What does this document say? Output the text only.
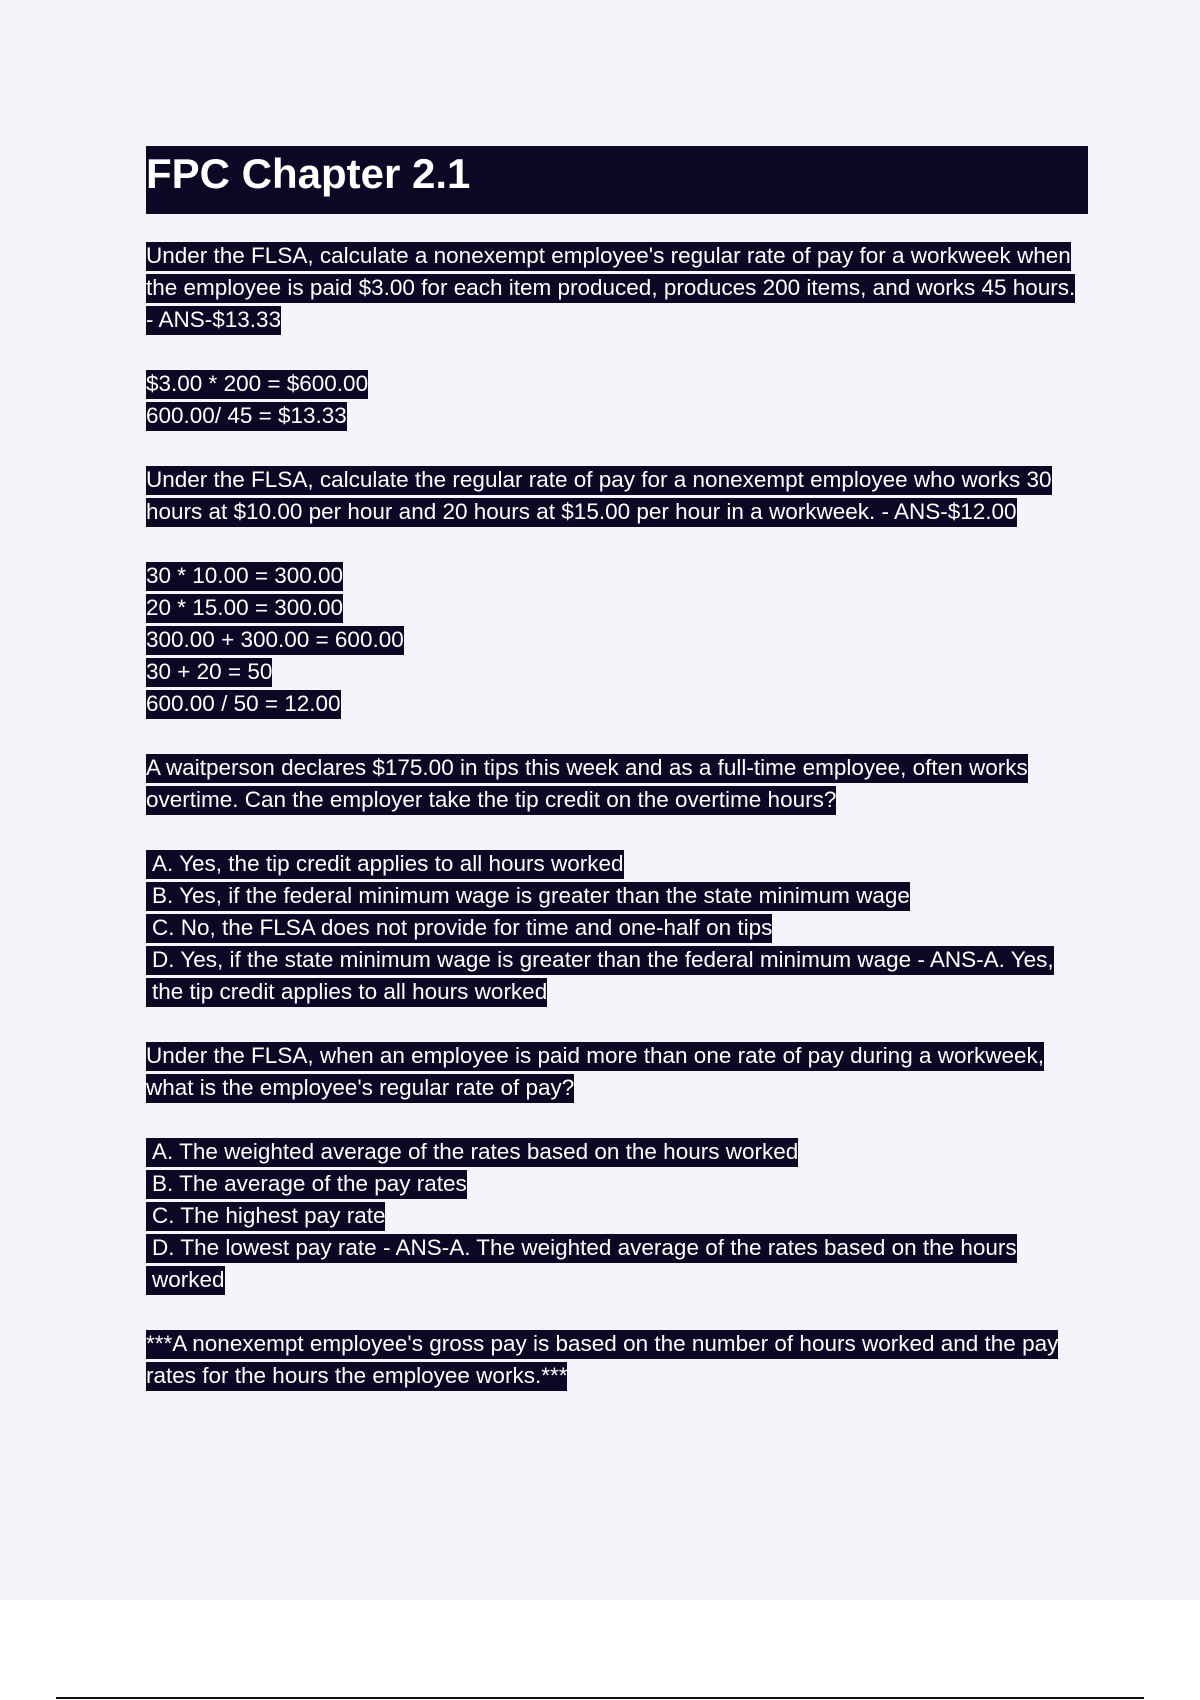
FPC Chapter 2.1
Under the FLSA, calculate a nonexempt employee's regular rate of pay for a workweek when the employee is paid $3.00 for each item produced, produces 200 items, and works 45 hours. - ANS-$13.33
$3.00 * 200 = $600.00
600.00/ 45 = $13.33
Under the FLSA, calculate the regular rate of pay for a nonexempt employee who works 30 hours at $10.00 per hour and 20 hours at $15.00 per hour in a workweek. - ANS-$12.00
30 * 10.00 = 300.00
20 * 15.00 = 300.00
300.00 + 300.00 = 600.00
30 + 20 = 50
600.00 / 50 = 12.00
A waitperson declares $175.00 in tips this week and as a full-time employee, often works overtime. Can the employer take the tip credit on the overtime hours?
A. Yes, the tip credit applies to all hours worked
B. Yes, if the federal minimum wage is greater than the state minimum wage
C. No, the FLSA does not provide for time and one-half on tips
D. Yes, if the state minimum wage is greater than the federal minimum wage - ANS-A. Yes, the tip credit applies to all hours worked
Under the FLSA, when an employee is paid more than one rate of pay during a workweek, what is the employee's regular rate of pay?
A. The weighted average of the rates based on the hours worked
B. The average of the pay rates
C. The highest pay rate
D. The lowest pay rate - ANS-A. The weighted average of the rates based on the hours worked
***A nonexempt employee's gross pay is based on the number of hours worked and the pay rates for the hours the employee works.***
